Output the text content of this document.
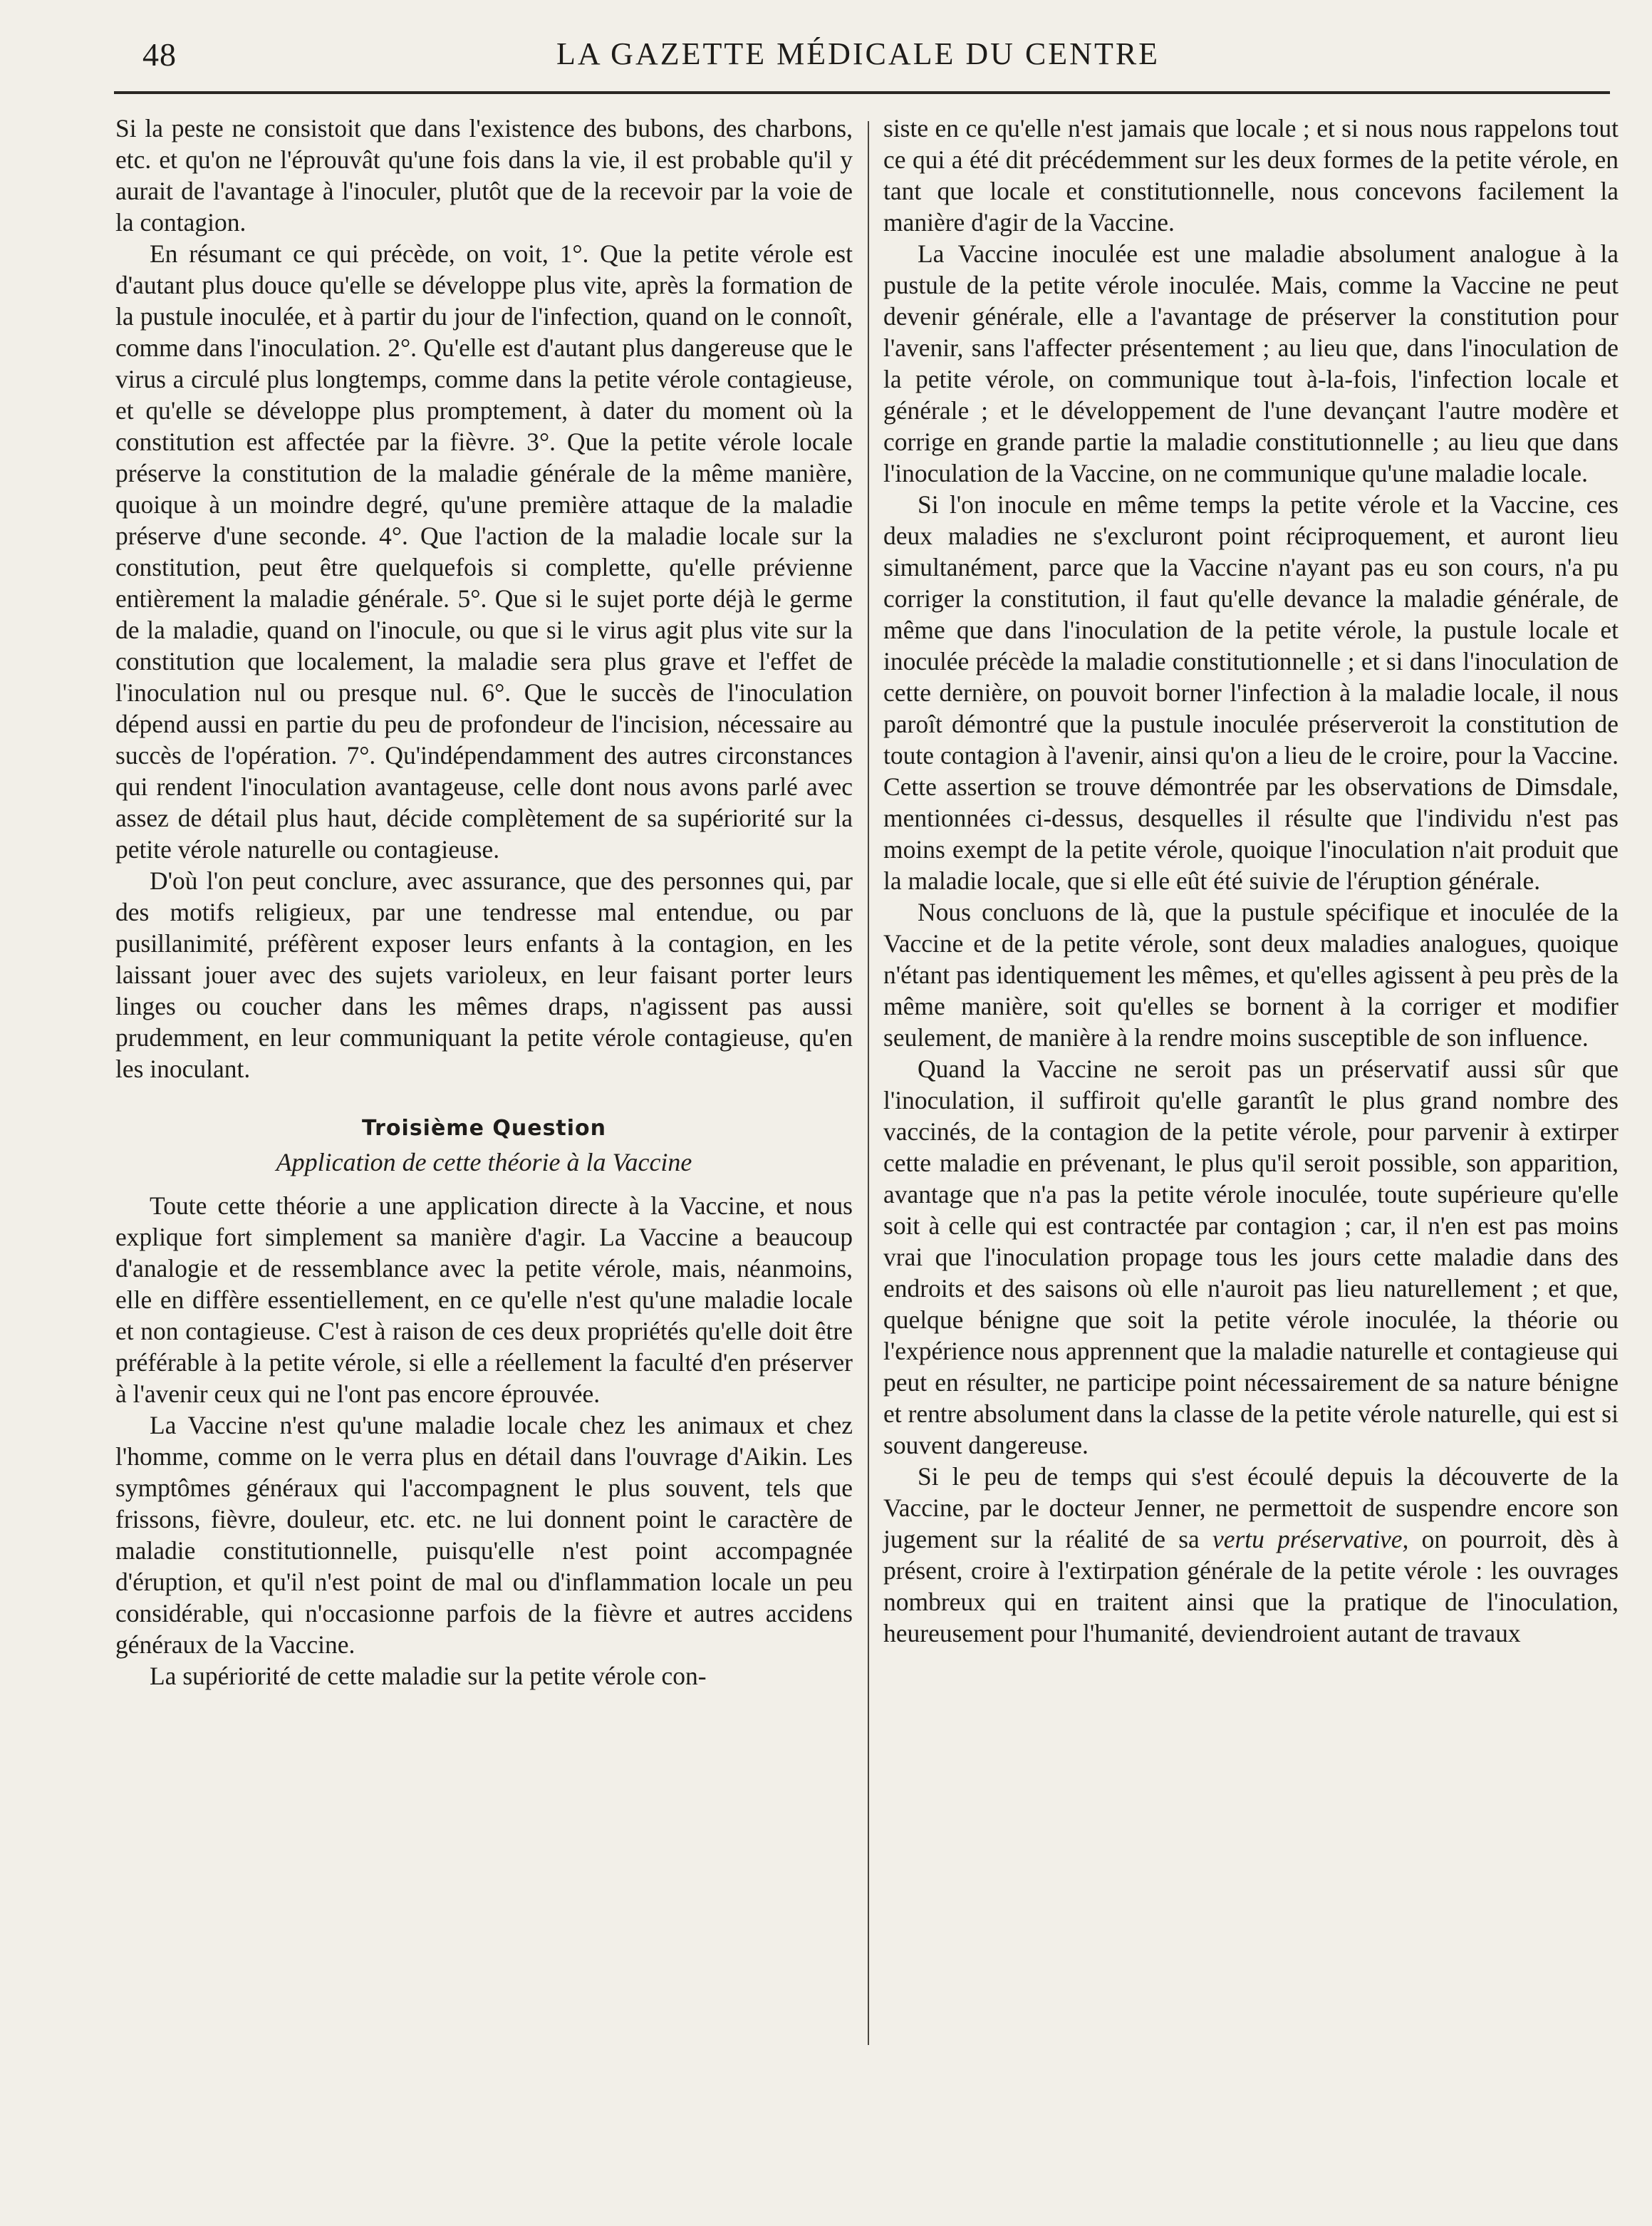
48	LA GAZETTE MÉDICALE DU CENTRE

Si la peste ne consistoit que dans l'existence des bubons, des charbons, etc. et qu'on ne l'éprouvât qu'une fois dans la vie, il est probable qu'il y aurait de l'avantage à l'inoculer, plutôt que de la recevoir par la voie de la contagion.

En résumant ce qui précède, on voit, 1°. Que la petite vérole est d'autant plus douce qu'elle se développe plus vite, après la formation de la pustule inoculée, et à partir du jour de l'infection, quand on le connoît, comme dans l'inoculation. 2°. Qu'elle est d'autant plus dangereuse que le virus a circulé plus longtemps, comme dans la petite vérole contagieuse, et qu'elle se développe plus promptement, à dater du moment où la constitution est affectée par la fièvre. 3°. Que la petite vérole locale préserve la constitution de la maladie générale de la même manière, quoique à un moindre degré, qu'une première attaque de la maladie préserve d'une seconde. 4°. Que l'action de la maladie locale sur la constitution, peut être quelquefois si complette, qu'elle prévienne entièrement la maladie générale. 5°. Que si le sujet porte déjà le germe de la maladie, quand on l'inocule, ou que si le virus agit plus vite sur la constitution que localement, la maladie sera plus grave et l'effet de l'inoculation nul ou presque nul. 6°. Que le succès de l'inoculation dépend aussi en partie du peu de profondeur de l'incision, nécessaire au succès de l'opération. 7°. Qu'indépendamment des autres circonstances qui rendent l'inoculation avantageuse, celle dont nous avons parlé avec assez de détail plus haut, décide complètement de sa supériorité sur la petite vérole naturelle ou contagieuse.

D'où l'on peut conclure, avec assurance, que des personnes qui, par des motifs religieux, par une tendresse mal entendue, ou par pusillanimité, préfèrent exposer leurs enfants à la contagion, en les laissant jouer avec des sujets varioleux, en leur faisant porter leurs linges ou coucher dans les mêmes draps, n'agissent pas aussi prudemment, en leur communiquant la petite vérole contagieuse, qu'en les inoculant.

Troisième Question
Application de cette théorie à la Vaccine

Toute cette théorie a une application directe à la Vaccine, et nous explique fort simplement sa manière d'agir. La Vaccine a beaucoup d'analogie et de ressemblance avec la petite vérole, mais, néanmoins, elle en diffère essentiellement, en ce qu'elle n'est qu'une maladie locale et non contagieuse. C'est à raison de ces deux propriétés qu'elle doit être préférable à la petite vérole, si elle a réellement la faculté d'en préserver à l'avenir ceux qui ne l'ont pas encore éprouvée.

La Vaccine n'est qu'une maladie locale chez les animaux et chez l'homme, comme on le verra plus en détail dans l'ouvrage d'Aikin. Les symptômes généraux qui l'accompagnent le plus souvent, tels que frissons, fièvre, douleur, etc. etc. ne lui donnent point le caractère de maladie constitutionnelle, puisqu'elle n'est point accompagnée d'éruption, et qu'il n'est point de mal ou d'inflammation locale un peu considérable, qui n'occasionne parfois de la fièvre et autres accidens généraux de la Vaccine.

La supériorité de cette maladie sur la petite vérole con-

siste en ce qu'elle n'est jamais que locale ; et si nous nous rappelons tout ce qui a été dit précédemment sur les deux formes de la petite vérole, en tant que locale et constitutionnelle, nous concevons facilement la manière d'agir de la Vaccine.

La Vaccine inoculée est une maladie absolument analogue à la pustule de la petite vérole inoculée. Mais, comme la Vaccine ne peut devenir générale, elle a l'avantage de préserver la constitution pour l'avenir, sans l'affecter présentement ; au lieu que, dans l'inoculation de la petite vérole, on communique tout à-la-fois, l'infection locale et générale ; et le développement de l'une devançant l'autre modère et corrige en grande partie la maladie constitutionnelle ; au lieu que dans l'inoculation de la Vaccine, on ne communique qu'une maladie locale.

Si l'on inocule en même temps la petite vérole et la Vaccine, ces deux maladies ne s'excluront point réciproquement, et auront lieu simultanément, parce que la Vaccine n'ayant pas eu son cours, n'a pu corriger la constitution, il faut qu'elle devance la maladie générale, de même que dans l'inoculation de la petite vérole, la pustule locale et inoculée précède la maladie constitutionnelle ; et si dans l'inoculation de cette dernière, on pouvoit borner l'infection à la maladie locale, il nous paroît démontré que la pustule inoculée préserveroit la constitution de toute contagion à l'avenir, ainsi qu'on a lieu de le croire, pour la Vaccine. Cette assertion se trouve démontrée par les observations de Dimsdale, mentionnées ci-dessus, desquelles il résulte que l'individu n'est pas moins exempt de la petite vérole, quoique l'inoculation n'ait produit que la maladie locale, que si elle eût été suivie de l'éruption générale.

Nous concluons de là, que la pustule spécifique et inoculée de la Vaccine et de la petite vérole, sont deux maladies analogues, quoique n'étant pas identiquement les mêmes, et qu'elles agissent à peu près de la même manière, soit qu'elles se bornent à la corriger et modifier seulement, de manière à la rendre moins susceptible de son influence.

Quand la Vaccine ne seroit pas un préservatif aussi sûr que l'inoculation, il suffiroit qu'elle garantît le plus grand nombre des vaccinés, de la contagion de la petite vérole, pour parvenir à extirper cette maladie en prévenant, le plus qu'il seroit possible, son apparition, avantage que n'a pas la petite vérole inoculée, toute supérieure qu'elle soit à celle qui est contractée par contagion ; car, il n'en est pas moins vrai que l'inoculation propage tous les jours cette maladie dans des endroits et des saisons où elle n'auroit pas lieu naturellement ; et que, quelque bénigne que soit la petite vérole inoculée, la théorie ou l'expérience nous apprennent que la maladie naturelle et contagieuse qui peut en résulter, ne participe point nécessairement de sa nature bénigne et rentre absolument dans la classe de la petite vérole naturelle, qui est si souvent dangereuse.

Si le peu de temps qui s'est écoulé depuis la découverte de la Vaccine, par le docteur Jenner, ne permettoit de suspendre encore son jugement sur la réalité de sa vertu préservative, on pourroit, dès à présent, croire à l'extirpation générale de la petite vérole : les ouvrages nombreux qui en traitent ainsi que la pratique de l'inoculation, heureusement pour l'humanité, deviendroient autant de travaux
